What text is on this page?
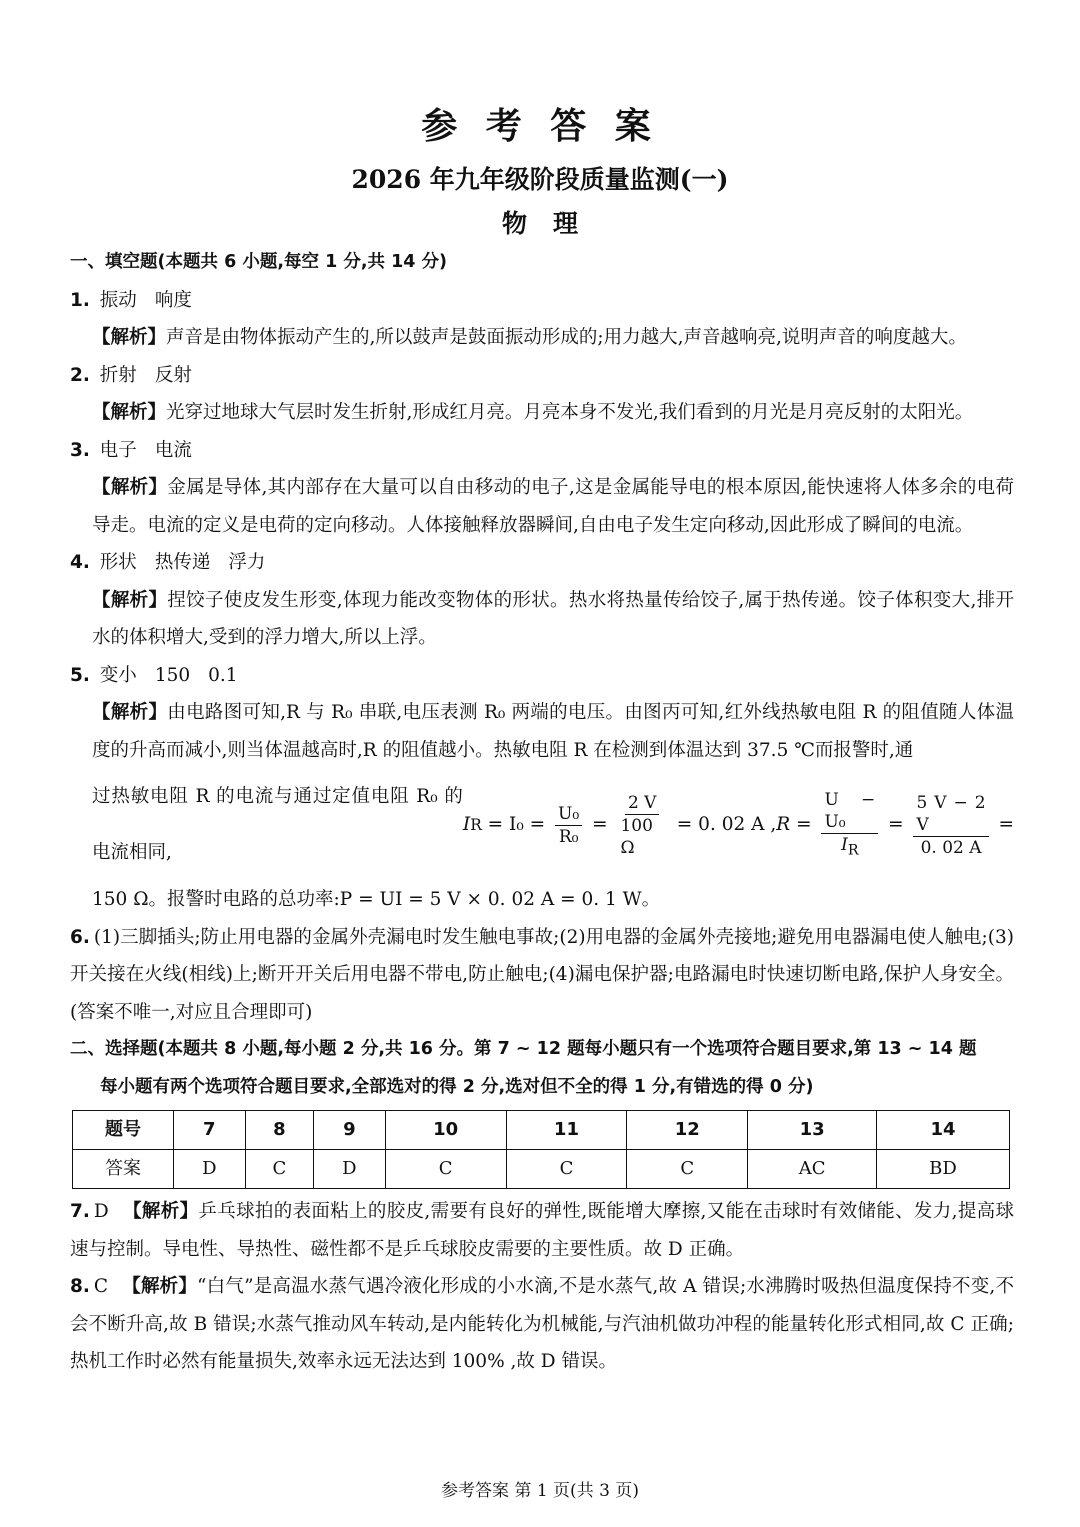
参 考 答 案
2026 年九年级阶段质量监测(一)
物理
一、填空题(本题共 6 小题,每空 1 分,共 14 分)
1. 振动 响度

【解析】声音是由物体振动产生的,所以鼓声是鼓面振动形成的;用力越大,声音越响亮,说明声音的响度越大。

2. 折射 反射

【解析】光穿过地球大气层时发生折射,形成红月亮。月亮本身不发光,我们看到的月光是月亮反射的太阳光。

3. 电子 电流

【解析】金属是导体,其内部存在大量可以自由移动的电子,这是金属能导电的根本原因,能快速将人体多余的电荷导走。电流的定义是电荷的定向移动。人体接触释放器瞬间,自由电子发生定向移动,因此形成了瞬间的电流。

4. 形状 热传递 浮力

【解析】捏饺子使皮发生形变,体现力能改变物体的形状。热水将热量传给饺子,属于热传递。饺子体积变大,排开水的体积增大,受到的浮力增大,所以上浮。

5. 变小 150 0.1

【解析】由电路图可知,R 与 R₀ 串联,电压表测 R₀ 两端的电压。由图丙可知,红外线热敏电阻 R 的阻值随人体温度的升高而减小,则当体温越高时,R 的阻值越小。热敏电阻 R 在检测到体温达到 37.5 ℃而报警时,通

过热敏电阻 R 的电流与通过定值电阻 R₀ 的电流相同,
I $R = I_0 = \frac{\text{U₀}}{\text{R₀}} = \frac{2 V}{100 \Omega} = 0$. 02 A , $R = \frac{\text{U − U₀}}{I_R} = \frac{5 V - 2 V}{0. 02 A}$ =

150 Ω。报警时电路的总功率:P = UI = 5 V × 0. 02 A = 0. 1 W。

6. (1)三脚插头;防止用电器的金属外壳漏电时发生触电事故;(2)用电器的金属外壳接地;避免用电器漏电使人触电;(3)开关接在火线(相线)上;断开开关后用电器不带电,防止触电;(4)漏电保护器;电路漏电时快速切断电路,保护人身安全。(答案不唯一,对应且合理即可)

二、选择题(本题共 8 小题,每小题 2 分,共 16 分。第 7 ~ 12 题每小题只有一个选项符合题目要求,第 13 ~ 14 题
每小题有两个选项符合题目要求,全部选对的得 2 分,选对但不全的得 1 分,有错选的得 0 分)
题号	7	8	9	10	11	12	13	14
答案	D	C	D	C	C	C	AC	BD

7. D 【解析】乒乓球拍的表面粘上的胶皮,需要有良好的弹性,既能增大摩擦,又能在击球时有效储能、发力,提高球速与控制。导电性、导热性、磁性都不是乒乓球胶皮需要的主要性质。故 D 正确。

8. C 【解析】“白气”是高温水蒸气遇冷液化形成的小水滴,不是水蒸气,故 A 错误;水沸腾时吸热但温度保持不变,不会不断升高,故 B 错误;水蒸气推动风车转动,是内能转化为机械能,与汽油机做功冲程的能量转化形式相同,故 C 正确;热机工作时必然有能量损失,效率永远无法达到 100% ,故 D 错误。

参考答案 第 1 页(共 3 页)
